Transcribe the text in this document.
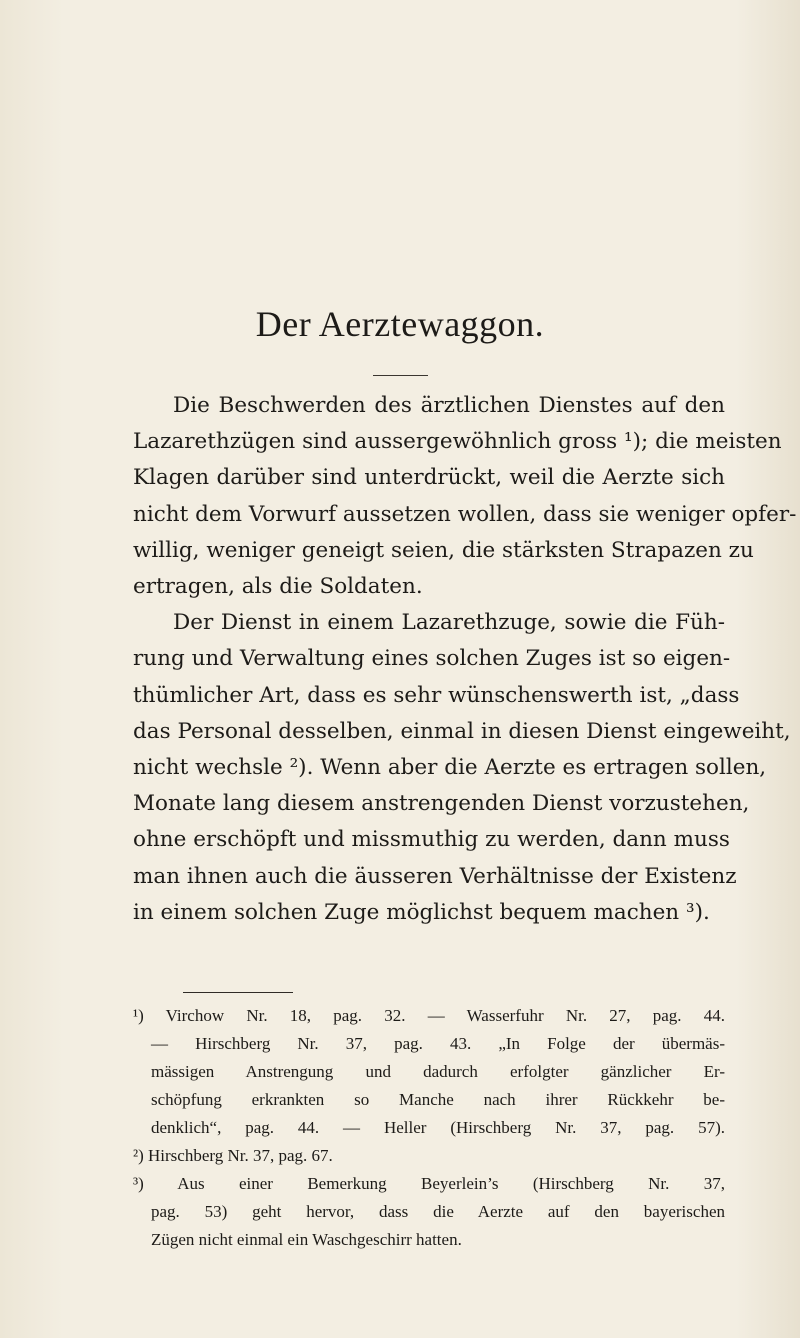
Der Aerztewaggon.

Die Beschwerden des ärztlichen Dienstes auf den
Lazarethzügen sind aussergewöhnlich gross ¹); die meisten
Klagen darüber sind unterdrückt, weil die Aerzte sich
nicht dem Vorwurf aussetzen wollen, dass sie weniger opfer-
willig, weniger geneigt seien, die stärksten Strapazen zu
ertragen, als die Soldaten.

Der Dienst in einem Lazarethzuge, sowie die Füh-
rung und Verwaltung eines solchen Zuges ist so eigen-
thümlicher Art, dass es sehr wünschenswerth ist, „dass
das Personal desselben, einmal in diesen Dienst eingeweiht,
nicht wechsle ²). Wenn aber die Aerzte es ertragen sollen,
Monate lang diesem anstrengenden Dienst vorzustehen,
ohne erschöpft und missmuthig zu werden, dann muss
man ihnen auch die äusseren Verhältnisse der Existenz
in einem solchen Zuge möglichst bequem machen ³).

¹) Virchow Nr. 18, pag. 32. — Wasserfuhr Nr. 27, pag. 44.
— Hirschberg Nr. 37, pag. 43. „In Folge der übermäs-
mässigen Anstrengung und dadurch erfolgter gänzlicher Er-
schöpfung erkrankten so Manche nach ihrer Rückkehr be-
denklich“, pag. 44. — Heller (Hirschberg Nr. 37, pag. 57).
²) Hirschberg Nr. 37, pag. 67.
³) Aus einer Bemerkung Beyerlein’s (Hirschberg Nr. 37,
pag. 53) geht hervor, dass die Aerzte auf den bayerischen
Zügen nicht einmal ein Waschgeschirr hatten.
